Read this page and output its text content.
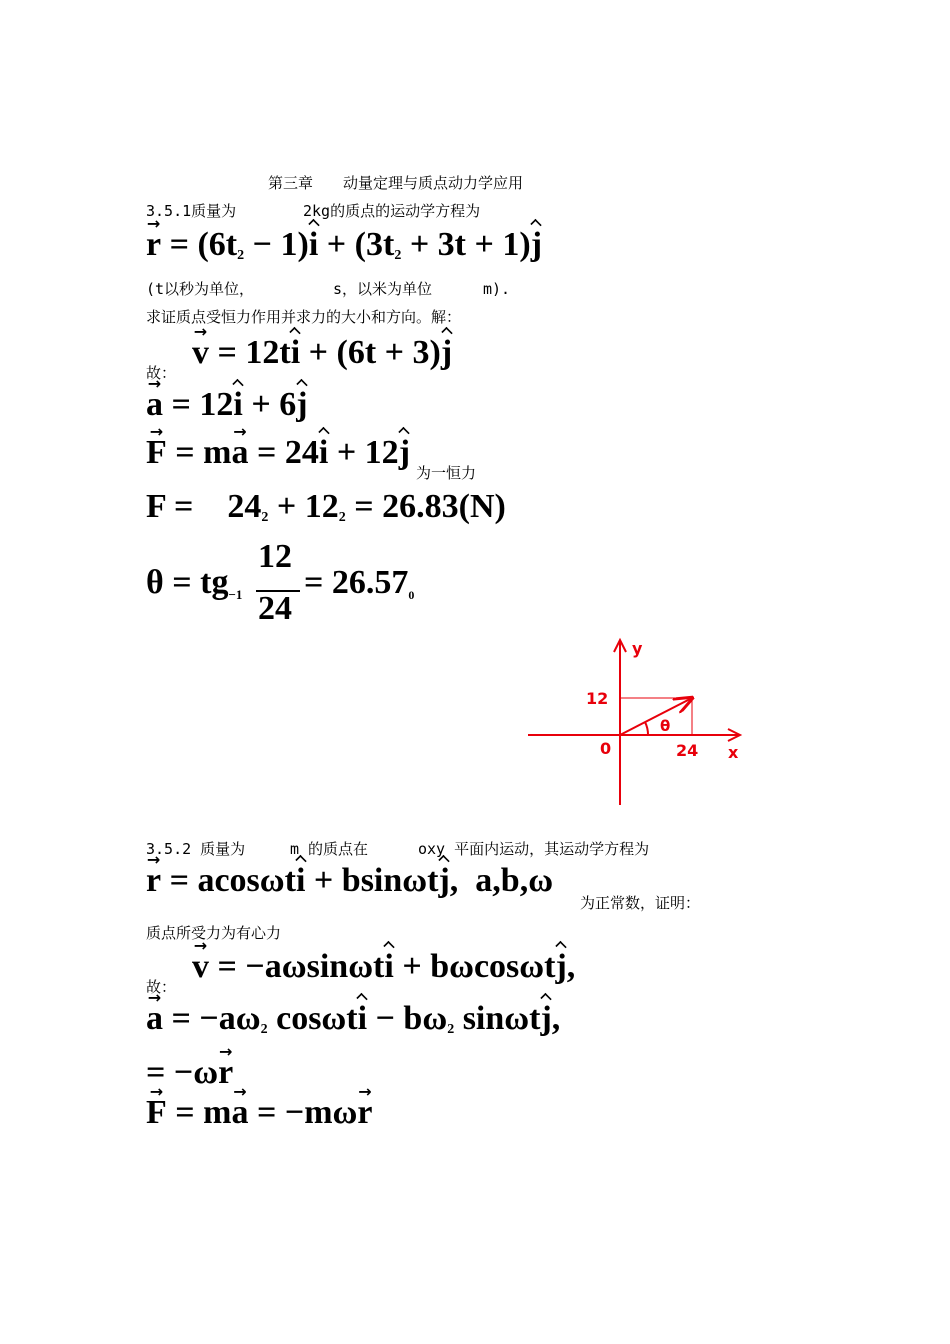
第三章 动量定理与质点动力学应用
3.5.1质量为	2kg的质点的运动学方程为
→ r = (6t2 − 1)i + (3t2 + 3t + 1)j
(t以秒为单位，	s，以米为单位	m).
求证质点受恒力作用并求力的大小和方向。解：
→ v = 12ti + (6t + 3)j
故：
→ a = 12i + 6j
→ F = m→ a = 24i + 12j
为一恒力
F =    242 + 122 = 26.83(N)
θ = tg−1
12
24
= 26.570
θ
y
x
0
12
24
3.5.2 质量为	m 的质点在	oxy 平面内运动，其运动学方程为
→ r = acosωti + bsinωtj,  a,b,ω
为正常数，证明：
质点所受力为有心力
→ v = −aωsinωti + bωcosωtj,
故：
→ a = −aω2 cosωti − bω2 sinωtj,
= −ω→ r
→ F = m→ a = −mω→ r
